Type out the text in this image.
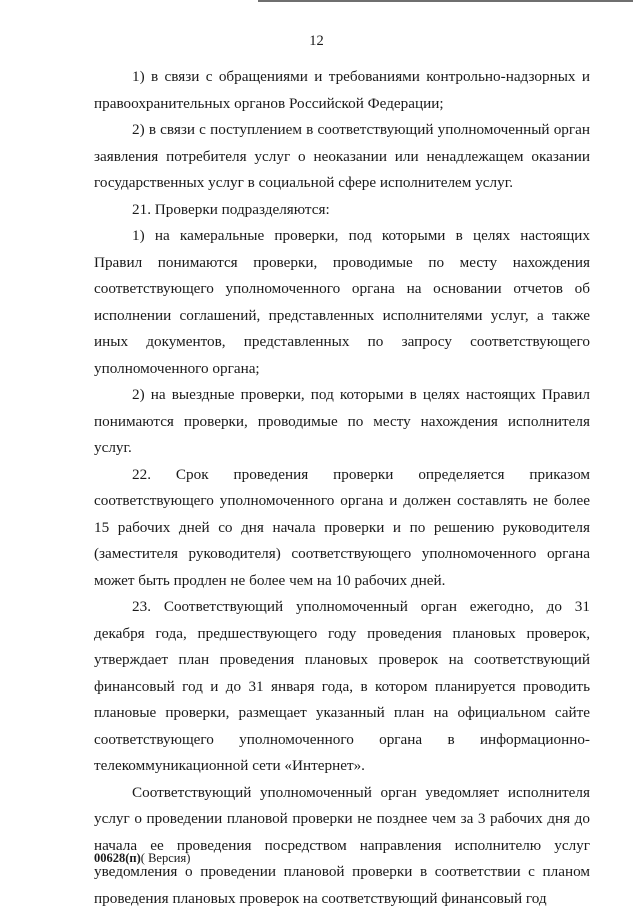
12

1) в связи с обращениями и требованиями контрольно-надзорных и правоохранительных органов Российской Федерации;

2) в связи с поступлением в соответствующий уполномоченный орган заявления потребителя услуг о неоказании или ненадлежащем оказании государственных услуг в социальной сфере исполнителем услуг.

21. Проверки подразделяются:

1) на камеральные проверки, под которыми в целях настоящих Правил понимаются проверки, проводимые по месту нахождения соответствующего уполномоченного органа на основании отчетов об исполнении соглашений, представленных исполнителями услуг, а также иных документов, представленных по запросу соответствующего уполномоченного органа;

2) на выездные проверки, под которыми в целях настоящих Правил понимаются проверки, проводимые по месту нахождения исполнителя услуг.

22. Срок проведения проверки определяется приказом соответствующего уполномоченного органа и должен составлять не более 15 рабочих дней со дня начала проверки и по решению руководителя (заместителя руководителя) соответствующего уполномоченного органа может быть продлен не более чем на 10 рабочих дней.

23. Соответствующий уполномоченный орган ежегодно, до 31 декабря года, предшествующего году проведения плановых проверок, утверждает план проведения плановых проверок на соответствующий финансовый год и до 31 января года, в котором планируется проводить плановые проверки, размещает указанный план на официальном сайте соответствующего уполномоченного органа в информационно-телекоммуникационной сети «Интернет».

Соответствующий уполномоченный орган уведомляет исполнителя услуг о проведении плановой проверки не позднее чем за 3 рабочих дня до начала ее проведения посредством направления исполнителю услуг уведомления о проведении плановой проверки в соответствии с планом проведения плановых проверок на соответствующий финансовый год

00628(п)( Версия)
